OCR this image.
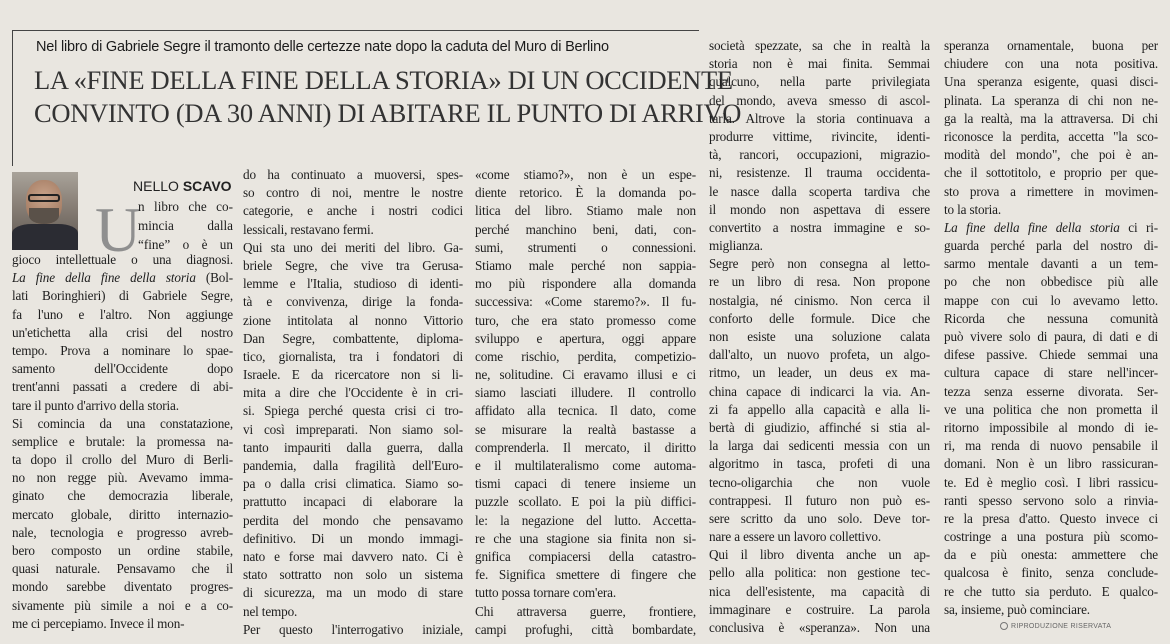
Nel libro di Gabriele Segre il tramonto delle certezze nate dopo la caduta del Muro di Berlino
LA «FINE DELLA FINE DELLA STORIA» DI UN OCCIDENTE
CONVINTO (DA 30 ANNI) DI ABITARE IL PUNTO DI ARRIVO
NELLO SCAVO
U
n libro che co-
mincia dalla
“fine” o è un
gioco intellettuale o una diagnosi.
La fine della fine della storia (Bol-
lati Boringhieri) di Gabriele Segre,
fa l'uno e l'altro. Non aggiunge
un'etichetta alla crisi del nostro
tempo. Prova a nominare lo spae-
samento dell'Occidente dopo
trent'anni passati a credere di abi-
tare il punto d'arrivo della storia.
Si comincia da una constatazione,
semplice e brutale: la promessa na-
ta dopo il crollo del Muro di Berli-
no non regge più. Avevamo imma-
ginato che democrazia liberale,
mercato globale, diritto internazio-
nale, tecnologia e progresso avreb-
bero composto un ordine stabile,
quasi naturale. Pensavamo che il
mondo sarebbe diventato progres-
sivamente più simile a noi e a co-
me ci percepiamo. Invece il mon-
do ha continuato a muoversi, spes-
so contro di noi, mentre le nostre
categorie, e anche i nostri codici
lessicali, restavano fermi.
Qui sta uno dei meriti del libro. Ga-
briele Segre, che vive tra Gerusa-
lemme e l'Italia, studioso di identi-
tà e convivenza, dirige la fonda-
zione intitolata al nonno Vittorio
Dan Segre, combattente, diploma-
tico, giornalista, tra i fondatori di
Israele. E da ricercatore non si li-
mita a dire che l'Occidente è in cri-
si. Spiega perché questa crisi ci tro-
vi così impreparati. Non siamo sol-
tanto impauriti dalla guerra, dalla
pandemia, dalla fragilità dell'Euro-
pa o dalla crisi climatica. Siamo so-
prattutto incapaci di elaborare la
perdita del mondo che pensavamo
definitivo. Di un mondo immagi-
nato e forse mai davvero nato. Ci è
stato sottratto non solo un sistema
di sicurezza, ma un modo di stare
nel tempo.
Per questo l'interrogativo iniziale,
«come stiamo?», non è un espe-
diente retorico. È la domanda po-
litica del libro. Stiamo male non
perché manchino beni, dati, con-
sumi, strumenti o connessioni.
Stiamo male perché non sappia-
mo più rispondere alla domanda
successiva: «Come staremo?». Il fu-
turo, che era stato promesso come
sviluppo e apertura, oggi appare
come rischio, perdita, competizio-
ne, solitudine. Ci eravamo illusi e ci
siamo lasciati illudere. Il controllo
affidato alla tecnica. Il dato, come
se misurare la realtà bastasse a
comprenderla. Il mercato, il diritto
e il multilateralismo come automa-
tismi capaci di tenere insieme un
puzzle scollato. E poi la più diffici-
le: la negazione del lutto. Accetta-
re che una stagione sia finita non si-
gnifica compiacersi della catastro-
fe. Significa smettere di fingere che
tutto possa tornare com'era.
Chi attraversa guerre, frontiere,
campi profughi, città bombardate,
società spezzate, sa che in realtà la
storia non è mai finita. Semmai
qualcuno, nella parte privilegiata
del mondo, aveva smesso di ascol-
tarla. Altrove la storia continuava a
produrre vittime, rivincite, identi-
tà, rancori, occupazioni, migrazio-
ni, resistenze. Il trauma occidenta-
le nasce dalla scoperta tardiva che
il mondo non aspettava di essere
convertito a nostra immagine e so-
miglianza.
Segre però non consegna al letto-
re un libro di resa. Non propone
nostalgia, né cinismo. Non cerca il
conforto delle formule. Dice che
non esiste una soluzione calata
dall'alto, un nuovo profeta, un algo-
ritmo, un leader, un deus ex ma-
china capace di indicarci la via. An-
zi fa appello alla capacità e alla li-
bertà di giudizio, affinché si stia al-
la larga dai sedicenti messia con un
algoritmo in tasca, profeti di una
tecno-oligarchia che non vuole
contrappesi. Il futuro non può es-
sere scritto da uno solo. Deve tor-
nare a essere un lavoro collettivo.
Qui il libro diventa anche un ap-
pello alla politica: non gestione tec-
nica dell'esistente, ma capacità di
immaginare e costruire. La parola
conclusiva è «speranza». Non una
speranza ornamentale, buona per
chiudere con una nota positiva.
Una speranza esigente, quasi disci-
plinata. La speranza di chi non ne-
ga la realtà, ma la attraversa. Di chi
riconosce la perdita, accetta "la sco-
modità del mondo", che poi è an-
che il sottotitolo, e proprio per que-
sto prova a rimettere in movimen-
to la storia.
La fine della fine della storia ci ri-
guarda perché parla del nostro di-
sarmo mentale davanti a un tem-
po che non obbedisce più alle
mappe con cui lo avevamo letto.
Ricorda che nessuna comunità
può vivere solo di paura, di dati e di
difese passive. Chiede semmai una
cultura capace di stare nell'incer-
tezza senza esserne divorata. Ser-
ve una politica che non prometta il
ritorno impossibile al mondo di ie-
ri, ma renda di nuovo pensabile il
domani. Non è un libro rassicuran-
te. Ed è meglio così. I libri rassicu-
ranti spesso servono solo a rinvia-
re la presa d'atto. Questo invece ci
costringe a una postura più scomo-
da e più onesta: ammettere che
qualcosa è finito, senza conclude-
re che tutto sia perduto. E qualco-
sa, insieme, può cominciare.
RIPRODUZIONE RISERVATA
